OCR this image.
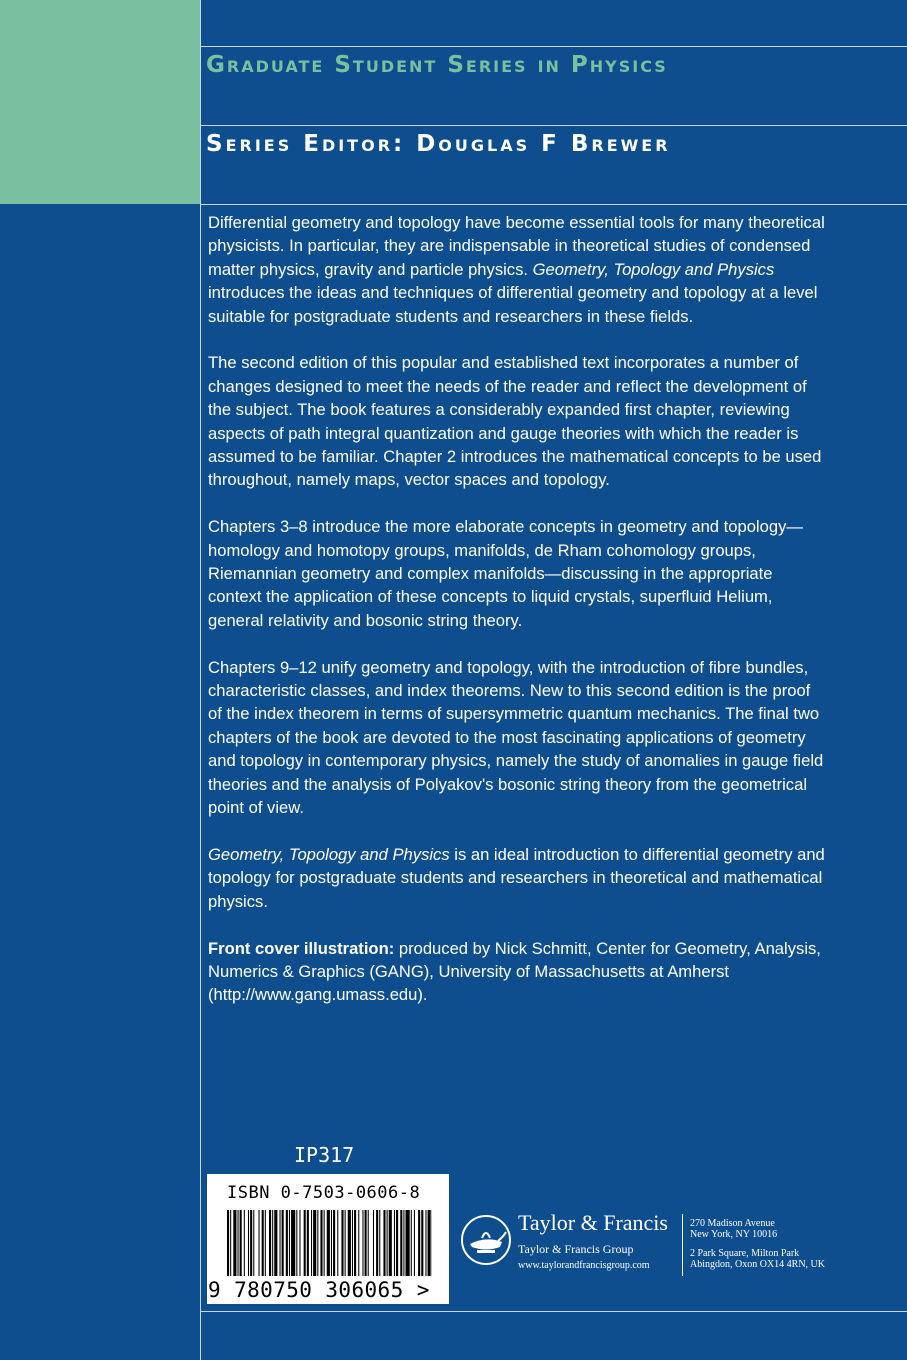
Graduate Student Series in Physics
Series Editor: Douglas F Brewer

Differential geometry and topology have become essential tools for many theoretical physicists. In particular, they are indispensable in theoretical studies of condensed matter physics, gravity and particle physics. Geometry, Topology and Physics introduces the ideas and techniques of differential geometry and topology at a level suitable for postgraduate students and researchers in these fields.

The second edition of this popular and established text incorporates a number of changes designed to meet the needs of the reader and reflect the development of the subject. The book features a considerably expanded first chapter, reviewing aspects of path integral quantization and gauge theories with which the reader is assumed to be familiar. Chapter 2 introduces the mathematical concepts to be used throughout, namely maps, vector spaces and topology.

Chapters 3–8 introduce the more elaborate concepts in geometry and topology—homology and homotopy groups, manifolds, de Rham cohomology groups, Riemannian geometry and complex manifolds—discussing in the appropriate context the application of these concepts to liquid crystals, superfluid Helium, general relativity and bosonic string theory.

Chapters 9–12 unify geometry and topology, with the introduction of fibre bundles, characteristic classes, and index theorems. New to this second edition is the proof of the index theorem in terms of supersymmetric quantum mechanics. The final two chapters of the book are devoted to the most fascinating applications of geometry and topology in contemporary physics, namely the study of anomalies in gauge field theories and the analysis of Polyakov's bosonic string theory from the geometrical point of view.

Geometry, Topology and Physics is an ideal introduction to differential geometry and topology for postgraduate students and researchers in theoretical and mathematical physics.

Front cover illustration: produced by Nick Schmitt, Center for Geometry, Analysis, Numerics & Graphics (GANG), University of Massachusetts at Amherst (http://www.gang.umass.edu).

IP317
ISBN 0-7503-0606-8
9 780750 306065 >
Taylor & Francis
Taylor & Francis Group
www.taylorandfrancisgroup.com
270 Madison Avenue
New York, NY 10016
2 Park Square, Milton Park
Abingdon, Oxon OX14 4RN, UK
